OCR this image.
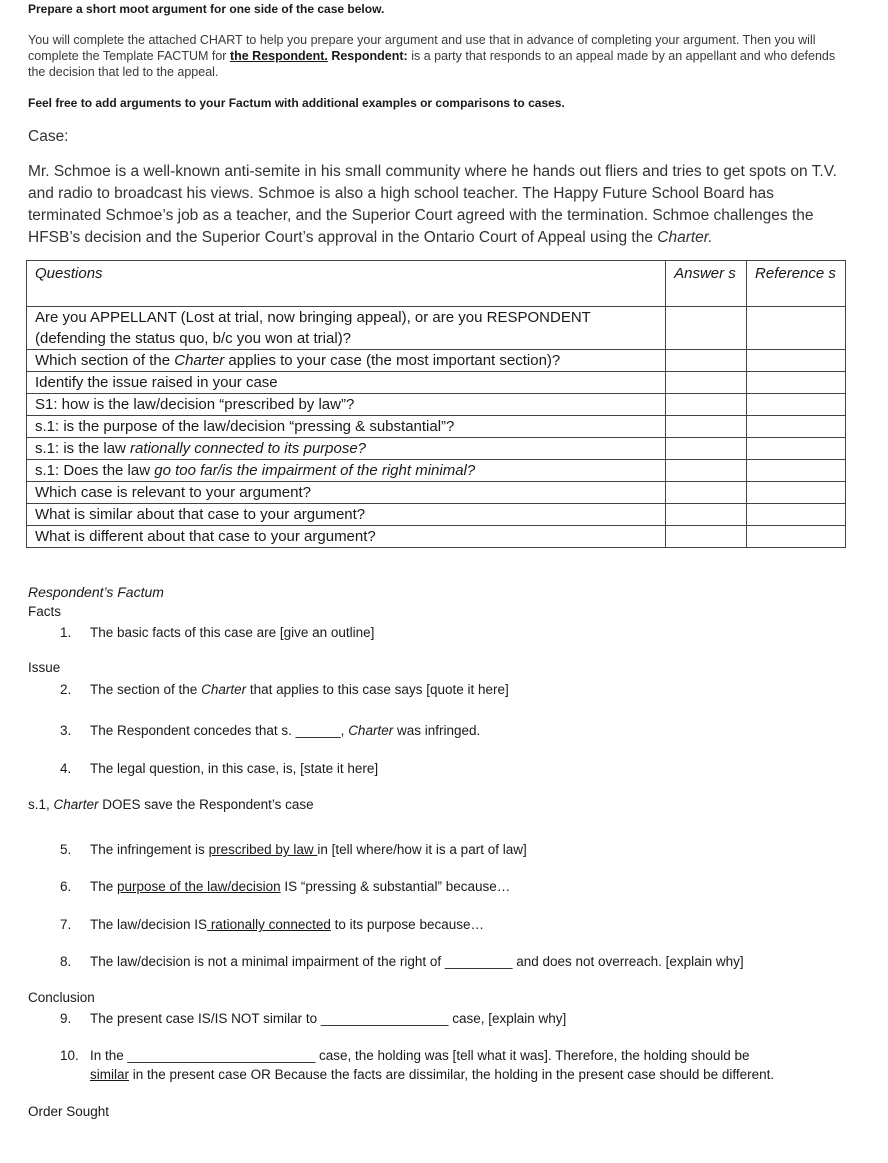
Prepare a short moot argument for one side of the case below.
You will complete the attached CHART to help you prepare your argument and use that in advance of completing your argument. Then you will complete the Template FACTUM for the Respondent. Respondent: is a party that responds to an appeal made by an appellant and who defends the decision that led to the appeal.
Feel free to add arguments to your Factum with additional examples or comparisons to cases.
Case:
Mr. Schmoe is a well-known anti-semite in his small community where he hands out fliers and tries to get spots on T.V. and radio to broadcast his views. Schmoe is also a high school teacher. The Happy Future School Board has terminated Schmoe’s job as a teacher, and the Superior Court agreed with the termination. Schmoe challenges the HFSB’s decision and the Superior Court’s approval in the Ontario Court of Appeal using the Charter.
Questions	Answer s	Reference s
Are you APPELLANT (Lost at trial, now bringing appeal), or are you RESPONDENT (defending the status quo, b/c you won at trial)?		
Which section of the Charter applies to your case (the most important section)?		
Identify the issue raised in your case		
S1: how is the law/decision “prescribed by law”?		
s.1: is the purpose of the law/decision “pressing & substantial”?		
s.1: is the law rationally connected to its purpose?		
s.1: Does the law go too far/is the impairment of the right minimal?		
Which case is relevant to your argument?		
What is similar about that case to your argument?		
What is different about that case to your argument?		
Respondent’s Factum
Facts
1. The basic facts of this case are [give an outline]
Issue
2. The section of the Charter that applies to this case says [quote it here]
3. The Respondent concedes that s. ______, Charter was infringed.
4. The legal question, in this case, is, [state it here]
s.1, Charter DOES save the Respondent’s case
5. The infringement is prescribed by law in [tell where/how it is a part of law]
6. The purpose of the law/decision IS “pressing & substantial” because…
7. The law/decision IS rationally connected to its purpose because…
8. The law/decision is not a minimal impairment of the right of _________ and does not overreach. [explain why]
Conclusion
9. The present case IS/IS NOT similar to _________________ case, [explain why]
10. In the _________________________ case, the holding was [tell what it was]. Therefore, the holding should be
similar in the present case OR Because the facts are dissimilar, the holding in the present case should be different.
Order Sought
